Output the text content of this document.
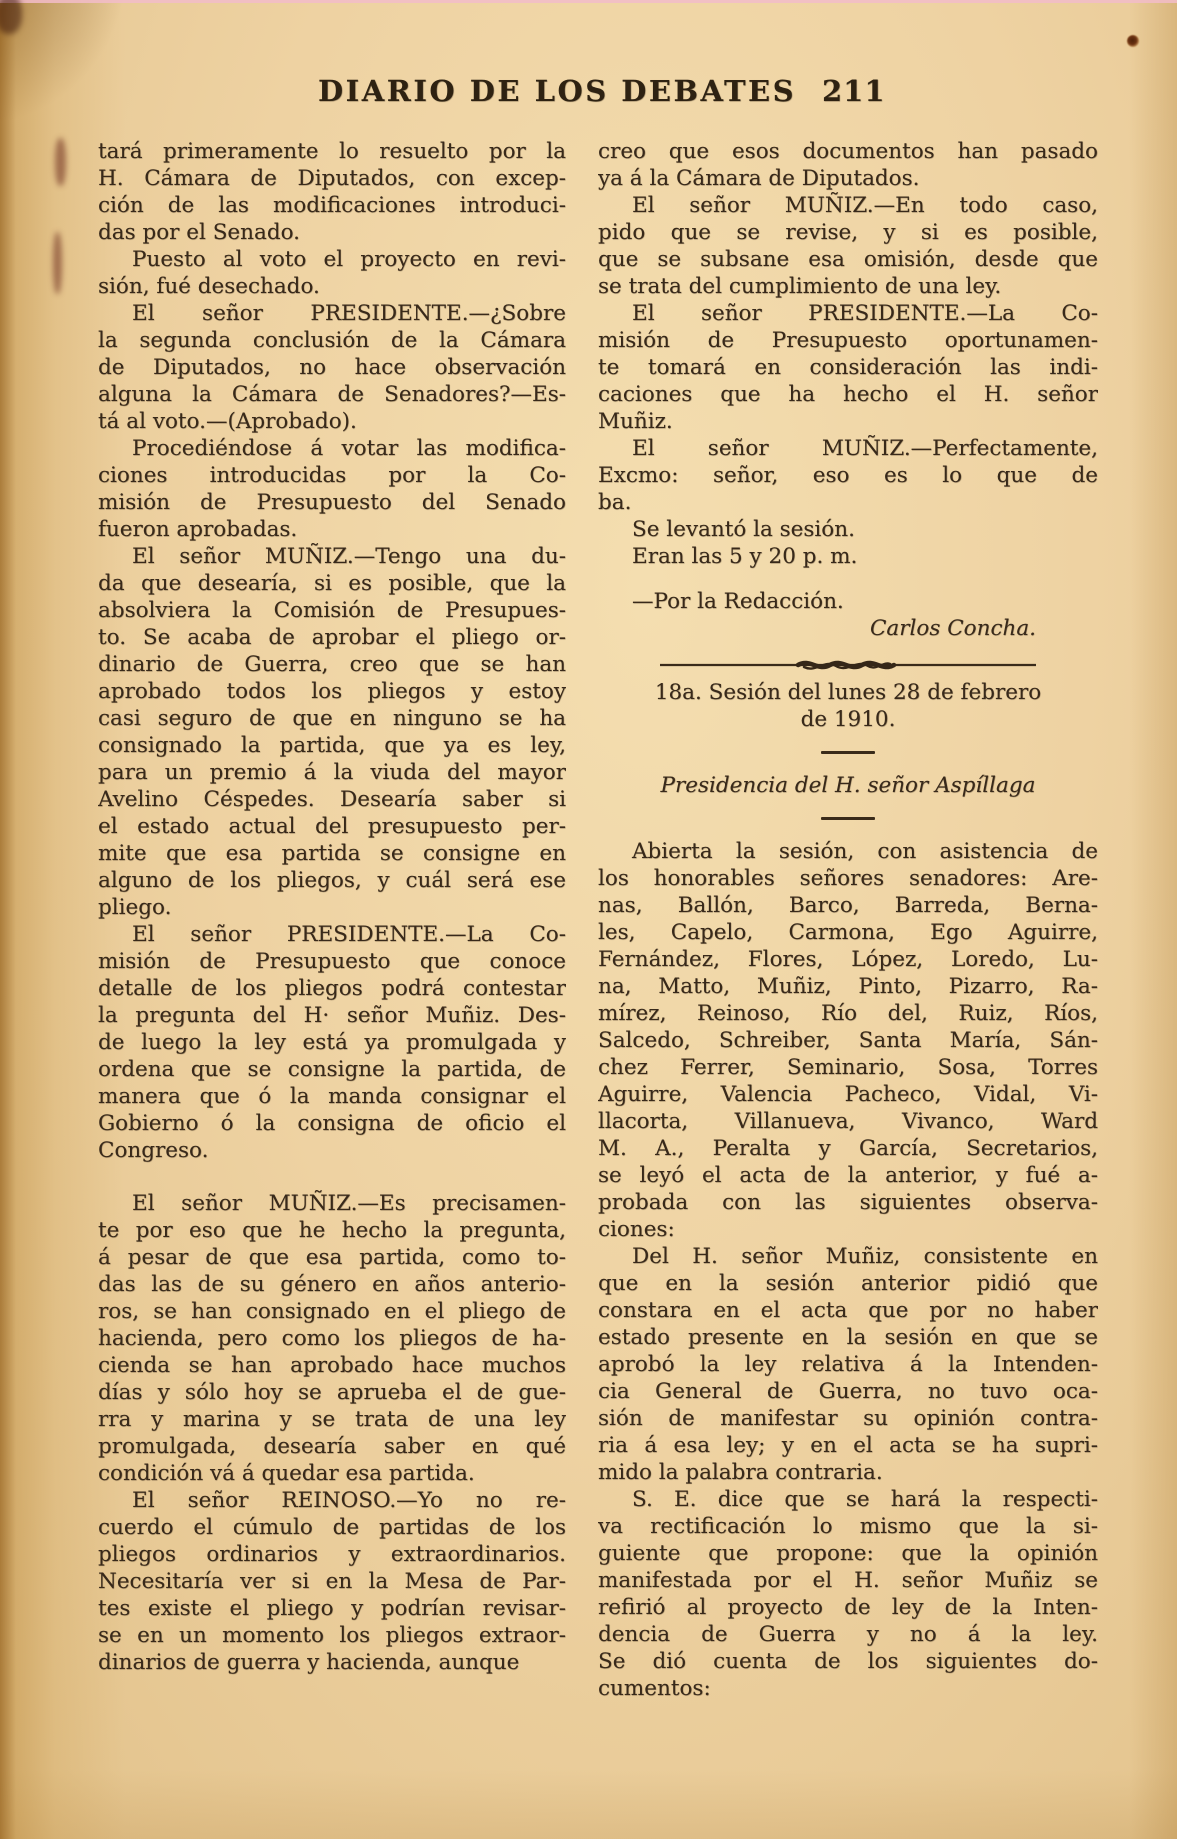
DIARIO DE LOS DEBATES 211
tará primeramente lo resuelto por la
H. Cámara de Diputados, con excep-
ción de las modificaciones introduci-
das por el Senado.
Puesto al voto el proyecto en revi-
sión, fué desechado.
El señor PRESIDENTE.—¿Sobre
la segunda conclusión de la Cámara
de Diputados, no hace observación
alguna la Cámara de Senadores?—Es-
tá al voto.—(Aprobado).
Procediéndose á votar las modifica-
ciones introducidas por la Co-
misión de Presupuesto del Senado
fueron aprobadas.
El señor MUÑIZ.—Tengo una du-
da que desearía, si es posible, que la
absolviera la Comisión de Presupues-
to. Se acaba de aprobar el pliego or-
dinario de Guerra, creo que se han
aprobado todos los pliegos y estoy
casi seguro de que en ninguno se ha
consignado la partida, que ya es ley,
para un premio á la viuda del mayor
Avelino Céspedes. Desearía saber si
el estado actual del presupuesto per-
mite que esa partida se consigne en
alguno de los pliegos, y cuál será ese
pliego.
El señor PRESIDENTE.—La Co-
misión de Presupuesto que conoce
detalle de los pliegos podrá contestar
la pregunta del H· señor Muñiz. Des-
de luego la ley está ya promulgada y
ordena que se consigne la partida, de
manera que ó la manda consignar el
Gobierno ó la consigna de oficio el
Congreso.
El señor MUÑIZ.—Es precisamen-
te por eso que he hecho la pregunta,
á pesar de que esa partida, como to-
das las de su género en años anterio-
ros, se han consignado en el pliego de
hacienda, pero como los pliegos de ha-
cienda se han aprobado hace muchos
días y sólo hoy se aprueba el de gue-
rra y marina y se trata de una ley
promulgada, desearía saber en qué
condición vá á quedar esa partida.
El señor REINOSO.—Yo no re-
cuerdo el cúmulo de partidas de los
pliegos ordinarios y extraordinarios.
Necesitaría ver si en la Mesa de Par-
tes existe el pliego y podrían revisar-
se en un momento los pliegos extraor-
dinarios de guerra y hacienda, aunque
creo que esos documentos han pasado
ya á la Cámara de Diputados.
El señor MUÑIZ.—En todo caso,
pido que se revise, y si es posible,
que se subsane esa omisión, desde que
se trata del cumplimiento de una ley.
El señor PRESIDENTE.—La Co-
misión de Presupuesto oportunamen-
te tomará en consideración las indi-
caciones que ha hecho el H. señor
Muñiz.
El señor MUÑIZ.—Perfectamente,
Excmo: señor, eso es lo que de
ba.
Se levantó la sesión.
Eran las 5 y 20 p. m.
—Por la Redacción.
Carlos Concha.
18a. Sesión del lunes 28 de febrero
de 1910.
Presidencia del H. señor Aspíllaga
Abierta la sesión, con asistencia de
los honorables señores senadores: Are-
nas, Ballón, Barco, Barreda, Berna-
les, Capelo, Carmona, Ego Aguirre,
Fernández, Flores, López, Loredo, Lu-
na, Matto, Muñiz, Pinto, Pizarro, Ra-
mírez, Reinoso, Río del, Ruiz, Ríos,
Salcedo, Schreiber, Santa María, Sán-
chez Ferrer, Seminario, Sosa, Torres
Aguirre, Valencia Pacheco, Vidal, Vi-
llacorta, Villanueva, Vivanco, Ward
M. A., Peralta y García, Secretarios,
se leyó el acta de la anterior, y fué a-
probada con las siguientes observa-
ciones:
Del H. señor Muñiz, consistente en
que en la sesión anterior pidió que
constara en el acta que por no haber
estado presente en la sesión en que se
aprobó la ley relativa á la Intenden-
cia General de Guerra, no tuvo oca-
sión de manifestar su opinión contra-
ria á esa ley; y en el acta se ha supri-
mido la palabra contraria.
S. E. dice que se hará la respecti-
va rectificación lo mismo que la si-
guiente que propone: que la opinión
manifestada por el H. señor Muñiz se
refirió al proyecto de ley de la Inten-
dencia de Guerra y no á la ley.
Se dió cuenta de los siguientes do-
cumentos:
